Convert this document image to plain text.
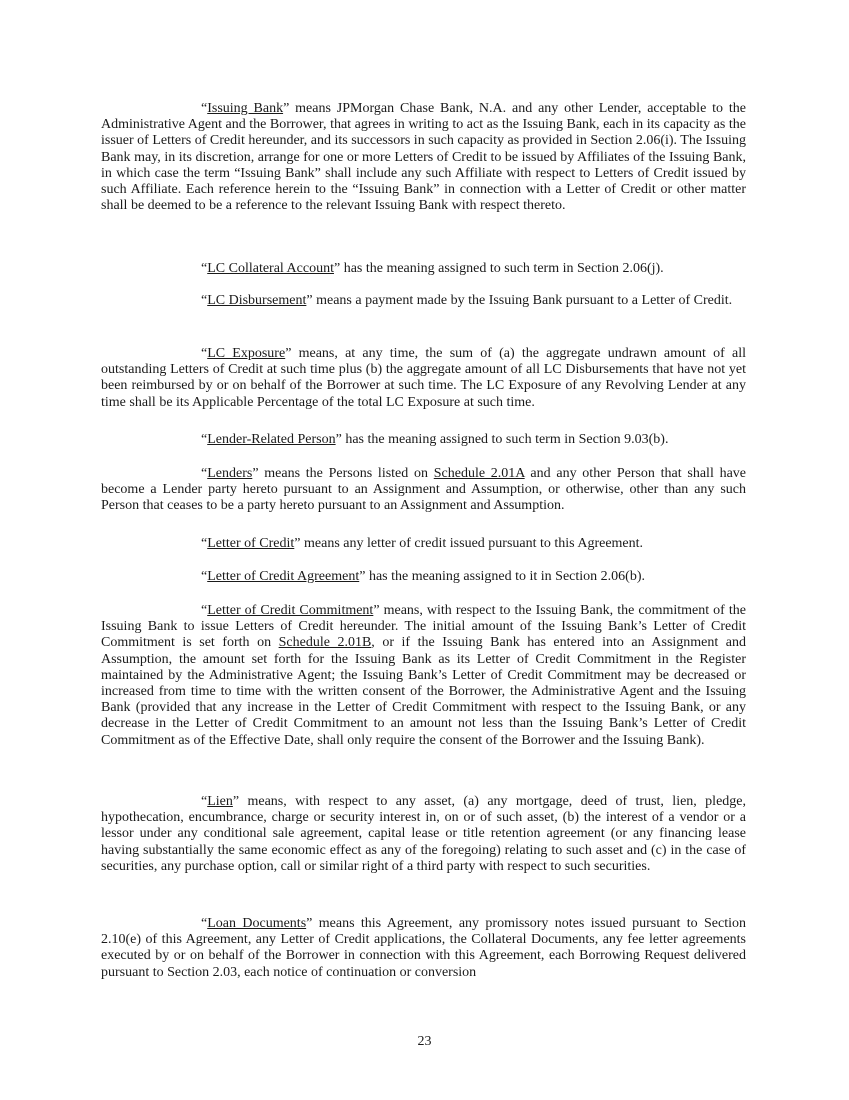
“Issuing Bank” means JPMorgan Chase Bank, N.A. and any other Lender, acceptable to the Administrative Agent and the Borrower, that agrees in writing to act as the Issuing Bank, each in its capacity as the issuer of Letters of Credit hereunder, and its successors in such capacity as provided in Section 2.06(i). The Issuing Bank may, in its discretion, arrange for one or more Letters of Credit to be issued by Affiliates of the Issuing Bank, in which case the term “Issuing Bank” shall include any such Affiliate with respect to Letters of Credit issued by such Affiliate. Each reference herein to the “Issuing Bank” in connection with a Letter of Credit or other matter shall be deemed to be a reference to the relevant Issuing Bank with respect thereto.

“LC Collateral Account” has the meaning assigned to such term in Section 2.06(j).

“LC Disbursement” means a payment made by the Issuing Bank pursuant to a Letter of Credit.

“LC Exposure” means, at any time, the sum of (a) the aggregate undrawn amount of all outstanding Letters of Credit at such time plus (b) the aggregate amount of all LC Disbursements that have not yet been reimbursed by or on behalf of the Borrower at such time. The LC Exposure of any Revolving Lender at any time shall be its Applicable Percentage of the total LC Exposure at such time.

“Lender-Related Person” has the meaning assigned to such term in Section 9.03(b).

“Lenders” means the Persons listed on Schedule 2.01A and any other Person that shall have become a Lender party hereto pursuant to an Assignment and Assumption, or otherwise, other than any such Person that ceases to be a party hereto pursuant to an Assignment and Assumption.

“Letter of Credit” means any letter of credit issued pursuant to this Agreement.

“Letter of Credit Agreement” has the meaning assigned to it in Section 2.06(b).

“Letter of Credit Commitment” means, with respect to the Issuing Bank, the commitment of the Issuing Bank to issue Letters of Credit hereunder. The initial amount of the Issuing Bank’s Letter of Credit Commitment is set forth on Schedule 2.01B, or if the Issuing Bank has entered into an Assignment and Assumption, the amount set forth for the Issuing Bank as its Letter of Credit Commitment in the Register maintained by the Administrative Agent; the Issuing Bank’s Letter of Credit Commitment may be decreased or increased from time to time with the written consent of the Borrower, the Administrative Agent and the Issuing Bank (provided that any increase in the Letter of Credit Commitment with respect to the Issuing Bank, or any decrease in the Letter of Credit Commitment to an amount not less than the Issuing Bank’s Letter of Credit Commitment as of the Effective Date, shall only require the consent of the Borrower and the Issuing Bank).

“Lien” means, with respect to any asset, (a) any mortgage, deed of trust, lien, pledge, hypothecation, encumbrance, charge or security interest in, on or of such asset, (b) the interest of a vendor or a lessor under any conditional sale agreement, capital lease or title retention agreement (or any financing lease having substantially the same economic effect as any of the foregoing) relating to such asset and (c) in the case of securities, any purchase option, call or similar right of a third party with respect to such securities.

“Loan Documents” means this Agreement, any promissory notes issued pursuant to Section 2.10(e) of this Agreement, any Letter of Credit applications, the Collateral Documents, any fee letter agreements executed by or on behalf of the Borrower in connection with this Agreement, each Borrowing Request delivered pursuant to Section 2.03, each notice of continuation or conversion

23
